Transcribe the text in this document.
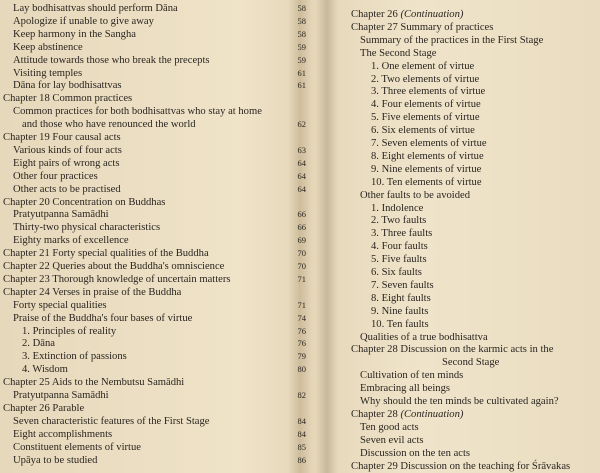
Lay bodhisattvas should perform Dāna	58
Apologize if unable to give away	58
Keep harmony in the Sangha	58
Keep abstinence	59
Attitude towards those who break the precepts	59
Visiting temples	61
Dāna for lay bodhisattvas	61
Chapter 18 Common practices
Common practices for both bodhisattvas who stay at home
and those who have renounced the world	62
Chapter 19 Four causal acts
Various kinds of four acts	63
Eight pairs of wrong acts	64
Other four practices	64
Other acts to be practised	64
Chapter 20 Concentration on Buddhas
Pratyutpanna Samādhi	66
Thirty-two physical characteristics	66
Eighty marks of excellence	69
Chapter 21 Forty special qualities of the Buddha	70
Chapter 22 Queries about the Buddha's omniscience	70
Chapter 23 Thorough knowledge of uncertain matters	71
Chapter 24 Verses in praise of the Buddha
Forty special qualities	71
Praise of the Buddha's four bases of virtue	74
1. Principles of reality	76
2. Dāna	76
3. Extinction of passions	79
4. Wisdom	80
Chapter 25 Aids to the Nembutsu Samādhi
Pratyutpanna Samādhi	82
Chapter 26 Parable
Seven characteristic features of the First Stage	84
Eight accomplishments	84
Constituent elements of virtue	85
Upāya to be studied	86
Chapter 26 (Continuation)
Chapter 27 Summary of practices
Summary of the practices in the First Stage
The Second Stage
1. One element of virtue
2. Two elements of virtue
3. Three elements of virtue
4. Four elements of virtue
5. Five elements of virtue
6. Six elements of virtue
7. Seven elements of virtue
8. Eight elements of virtue
9. Nine elements of virtue
10. Ten elements of virtue
Other faults to be avoided
1. Indolence
2. Two faults
3. Three faults
4. Four faults
5. Five faults
6. Six faults
7. Seven faults
8. Eight faults
9. Nine faults
10. Ten faults
Qualities of a true bodhisattva
Chapter 28 Discussion on the karmic acts in the
Second Stage
Cultivation of ten minds
Embracing all beings
Why should the ten minds be cultivated again?
Chapter 28 (Continuation)
Ten good acts
Seven evil acts
Discussion on the ten acts
Chapter 29 Discussion on the teaching for Śrāvakas
